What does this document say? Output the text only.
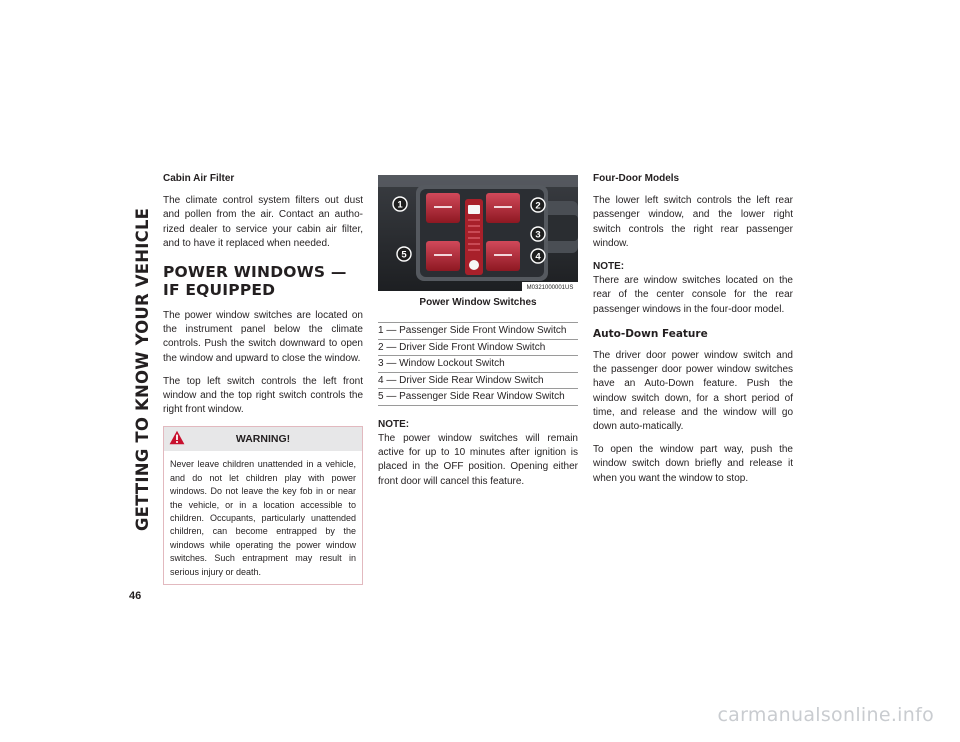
GETTING TO KNOW YOUR VEHICLE
46
Cabin Air Filter

The climate control system filters out dust and pollen from the air. Contact an autho-rized dealer to service your cabin air filter, and to have it replaced when needed.

POWER WINDOWS — IF EQUIPPED

The power window switches are located on the instrument panel below the climate controls. Push the switch downward to open the window and upward to close the window.

The top left switch controls the left front window and the top right switch controls the right front window.

WARNING!
Never leave children unattended in a vehicle, and do not let children play with power windows. Do not leave the key fob in or near the vehicle, or in a location accessible to children. Occupants, particularly unattended children, can become entrapped by the windows while operating the power window switches. Such entrapment may result in serious injury or death.
1	2
3
4
5
M0321000001US
Power Window Switches
1 — Passenger Side Front Window Switch
2 — Driver Side Front Window Switch
3 — Window Lockout Switch
4 — Driver Side Rear Window Switch
5 — Passenger Side Rear Window Switch
NOTE:

The power window switches will remain active for up to 10 minutes after ignition is placed in the OFF position. Opening either front door will cancel this feature.

Four-Door Models

The lower left switch controls the left rear passenger window, and the lower right switch controls the right rear passenger window.

NOTE:

There are window switches located on the rear of the center console for the rear passenger windows in the four-door model.

Auto-Down Feature

The driver door power window switch and the passenger door power window switches have an Auto-Down feature. Push the window switch down, for a short period of time, and release and the window will go down auto-matically.

To open the window part way, push the window switch down briefly and release it when you want the window to stop.

carmanualsonline.info
